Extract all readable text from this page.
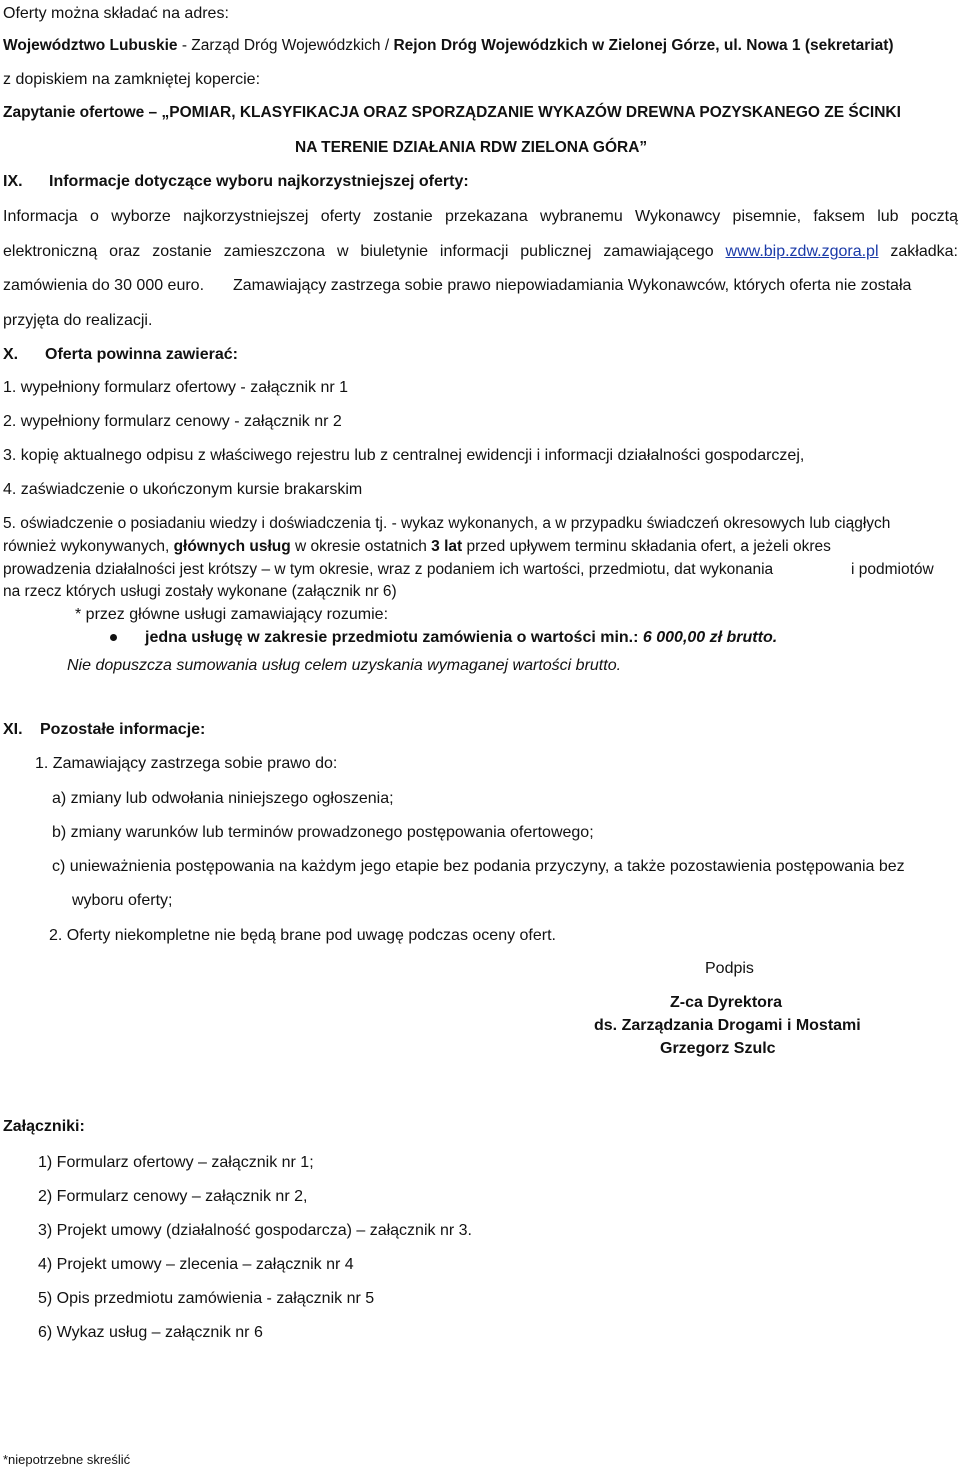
Oferty można składać na adres:
Województwo Lubuskie - Zarząd Dróg Wojewódzkich / Rejon Dróg Wojewódzkich w Zielonej Górze, ul. Nowa 1 (sekretariat)
z dopiskiem na zamkniętej kopercie:
Zapytanie ofertowe – „POMIAR, KLASYFIKACJA ORAZ SPORZĄDZANIE WYKAZÓW DREWNA POZYSKANEGO ZE ŚCINKI
NA TERENIE DZIAŁANIA RDW ZIELONA GÓRA”
IX. Informacje dotyczące wyboru najkorzystniejszej oferty:
Informacja o wyborze najkorzystniejszej oferty zostanie przekazana wybranemu Wykonawcy pisemnie, faksem lub pocztą
elektroniczną oraz zostanie zamieszczona w biuletynie informacji publicznej zamawiającego www.bip.zdw.zgora.pl zakładka:
zamówienia do 30 000 euro. Zamawiający zastrzega sobie prawo niepowiadamiania Wykonawców, których oferta nie została
przyjęta do realizacji.
X. Oferta powinna zawierać:
1. wypełniony formularz ofertowy - załącznik nr 1
2. wypełniony formularz cenowy - załącznik nr 2
3. kopię aktualnego odpisu z właściwego rejestru lub z centralnej ewidencji i informacji działalności gospodarczej,
4. zaświadczenie o ukończonym kursie brakarskim
5. oświadczenie o posiadaniu wiedzy i doświadczenia tj. - wykaz wykonanych, a w przypadku świadczeń okresowych lub ciągłych
również wykonywanych, głównych usług w okresie ostatnich 3 lat przed upływem terminu składania ofert, a jeżeli okres
prowadzenia działalności jest krótszy – w tym okresie, wraz z podaniem ich wartości, przedmiotu, dat wykonania	i podmiotów
na rzecz których usługi zostały wykonane (załącznik nr 6)
* przez główne usługi zamawiający rozumie:
jedna usługę w zakresie przedmiotu zamówienia o wartości min.: 6 000,00 zł brutto.
Nie dopuszcza sumowania usług celem uzyskania wymaganej wartości brutto.
XI. Pozostałe informacje:
1. Zamawiający zastrzega sobie prawo do:
a) zmiany lub odwołania niniejszego ogłoszenia;
b) zmiany warunków lub terminów prowadzonego postępowania ofertowego;
c) unieważnienia postępowania na każdym jego etapie bez podania przyczyny, a także pozostawienia postępowania bez
wyboru oferty;
2. Oferty niekompletne nie będą brane pod uwagę podczas oceny ofert.
Podpis
Z-ca Dyrektora
ds. Zarządzania Drogami i Mostami
Grzegorz Szulc
Załączniki:
1) Formularz ofertowy – załącznik nr 1;
2) Formularz cenowy – załącznik nr 2,
3) Projekt umowy (działalność gospodarcza) – załącznik nr 3.
4) Projekt umowy – zlecenia – załącznik nr 4
5) Opis przedmiotu zamówienia - załącznik nr 5
6) Wykaz usług – załącznik nr 6
*niepotrzebne skreślić
